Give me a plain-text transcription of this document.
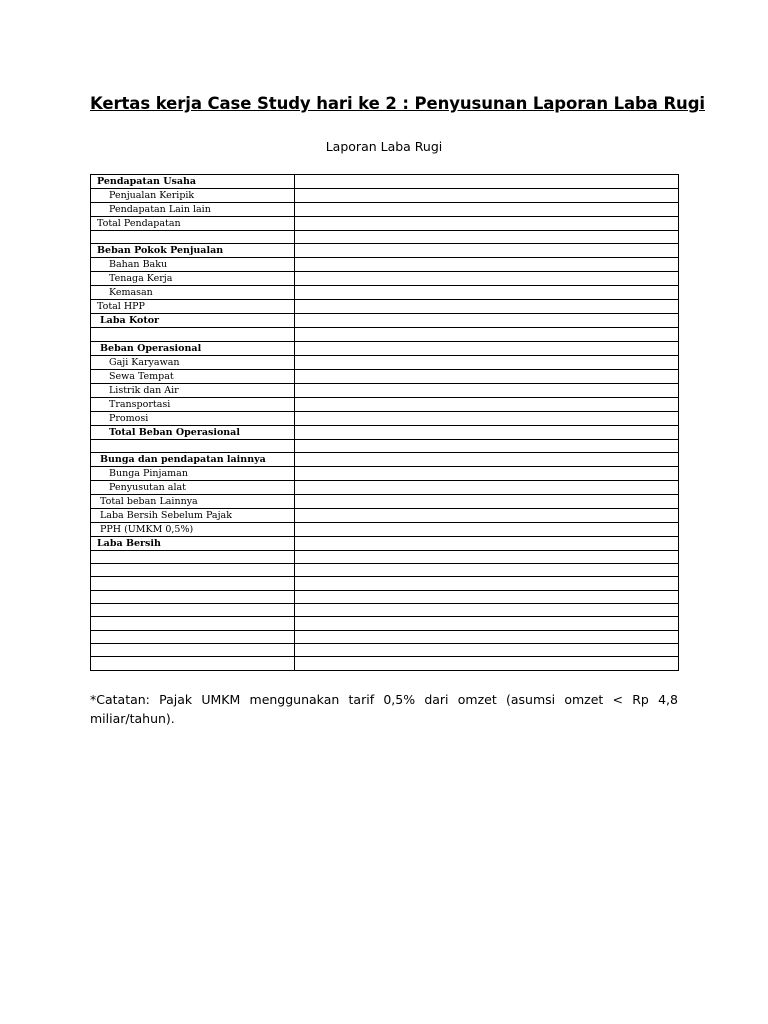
Kertas kerja Case Study hari ke 2 : Penyusunan Laporan Laba Rugi
Laporan Laba Rugi
Pendapatan Usaha	
Penjualan Keripik	
Pendapatan Lain lain	
Total Pendapatan	

Beban Pokok Penjualan	
Bahan Baku	
Tenaga Kerja	
Kemasan	
Total HPP	
Laba Kotor	

Beban Operasional	
Gaji Karyawan	
Sewa Tempat	
Listrik dan Air	
Transportasi	
Promosi	
Total Beban Operasional	

Bunga dan pendapatan lainnya	
Bunga Pinjaman	
Penyusutan alat	
Total beban Lainnya	
Laba Bersih Sebelum Pajak	
PPH (UMKM 0,5%)	
Laba Bersih	

*Catatan: Pajak UMKM menggunakan tarif 0,5% dari omzet (asumsi omzet < Rp 4,8 miliar/tahun).
